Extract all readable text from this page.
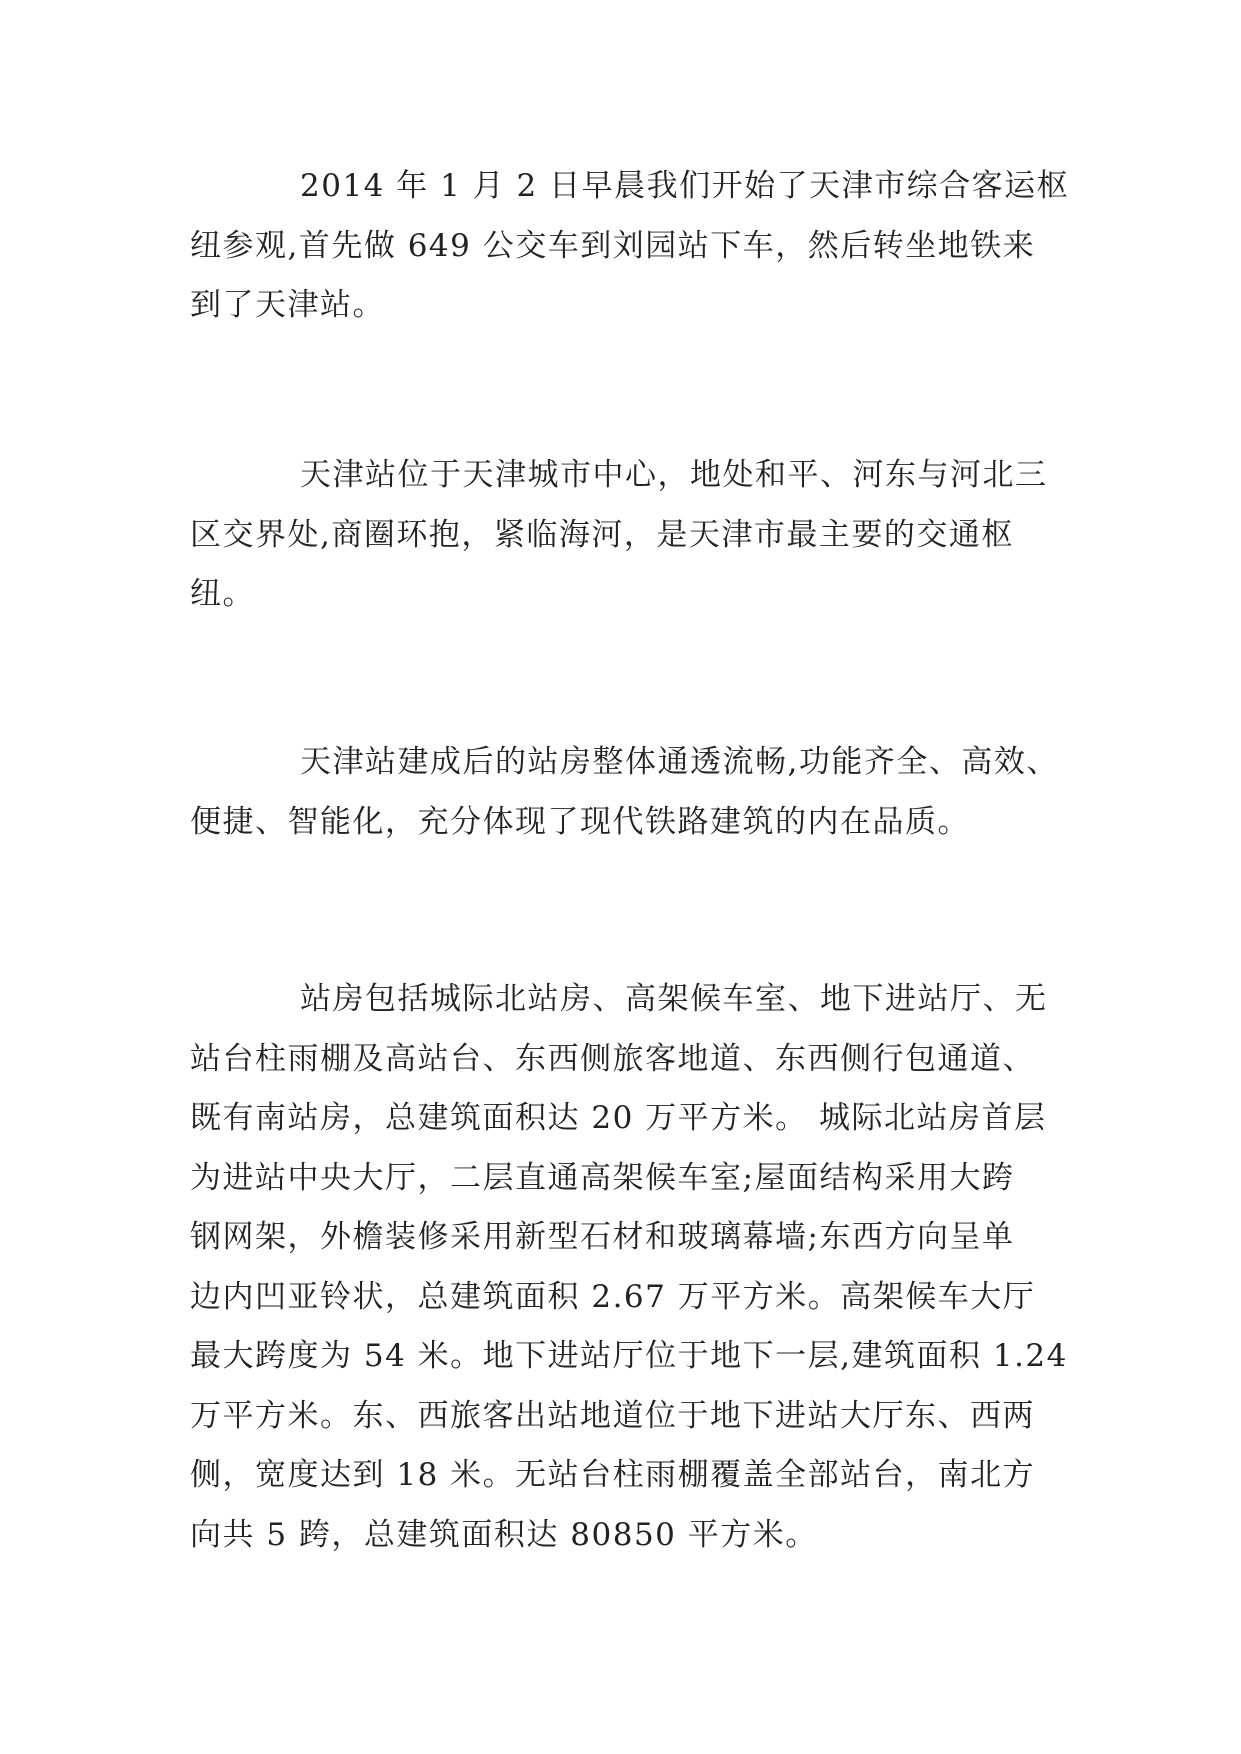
2014 年 1 月 2 日早晨我们开始了天津市综合客运枢
纽参观,首先做 649 公交车到刘园站下车，然后转坐地铁来
到了天津站。

天津站位于天津城市中心，地处和平、河东与河北三
区交界处,商圈环抱，紧临海河，是天津市最主要的交通枢
纽。

天津站建成后的站房整体通透流畅,功能齐全、高效、
便捷、智能化，充分体现了现代铁路建筑的内在品质。

站房包括城际北站房、高架候车室、地下进站厅、无
站台柱雨棚及高站台、东西侧旅客地道、东西侧行包通道、
既有南站房，总建筑面积达 20 万平方米。 城际北站房首层
为进站中央大厅，二层直通高架候车室;屋面结构采用大跨
钢网架，外檐装修采用新型石材和玻璃幕墙;东西方向呈单
边内凹亚铃状，总建筑面积 2.67 万平方米。高架候车大厅
最大跨度为 54 米。地下进站厅位于地下一层,建筑面积 1.24
万平方米。东、西旅客出站地道位于地下进站大厅东、西两
侧，宽度达到 18 米。无站台柱雨棚覆盖全部站台，南北方
向共 5 跨，总建筑面积达 80850 平方米。
